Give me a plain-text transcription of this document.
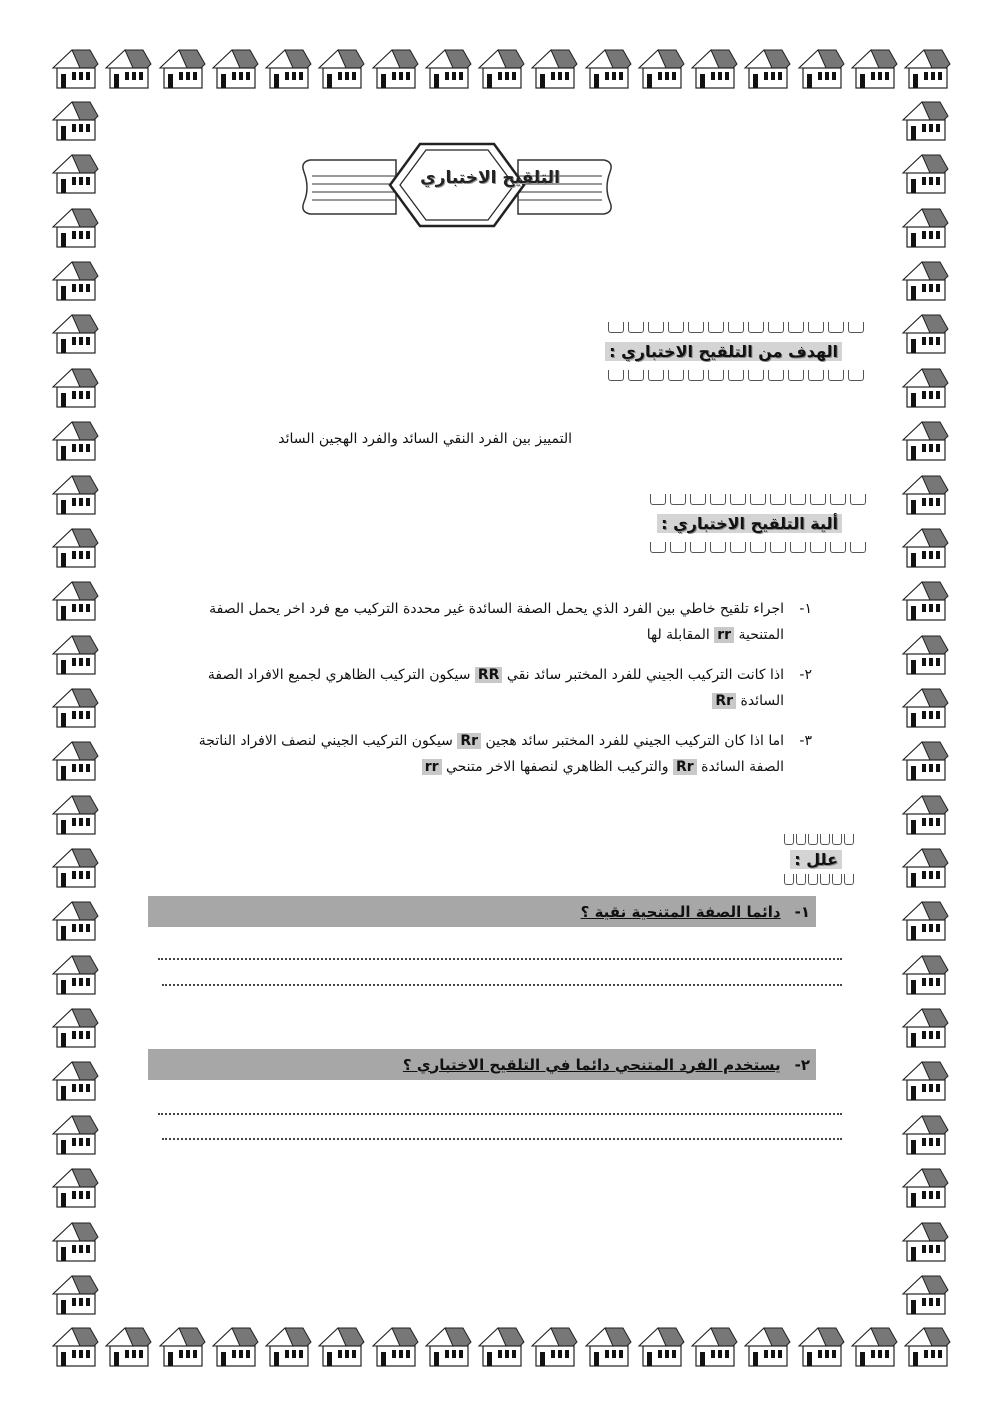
التلقيح الاختباري
الهدف من التلقيح الاختباري :
التمييز بين الفرد النقي السائد والفرد الهجين السائد
ألية التلقيح الاختباري :
١-
اجراء تلقيح خاطي بين الفرد الذي يحمل الصفة السائدة غير محددة التركيب مع فرد اخر يحمل الصفة المتنحية rr المقابلة لها
٢-
اذا كانت التركيب الجيني للفرد المختبر سائد نقي RR سيكون التركيب الظاهري لجميع الافراد الصفة السائدة Rr
٣-
اما اذا كان التركيب الجيني للفرد المختبر سائد هجين Rr سيكون التركيب الجيني لنصف الافراد الناتجة الصفة السائدة Rr والتركيب الظاهري لنصفها الاخر متنحي rr
علل :
١-
دائما الصفة المتنحية نقية ؟
٢-
يستخدم الفرد المتنحي دائما في التلقيح الاختباري ؟
